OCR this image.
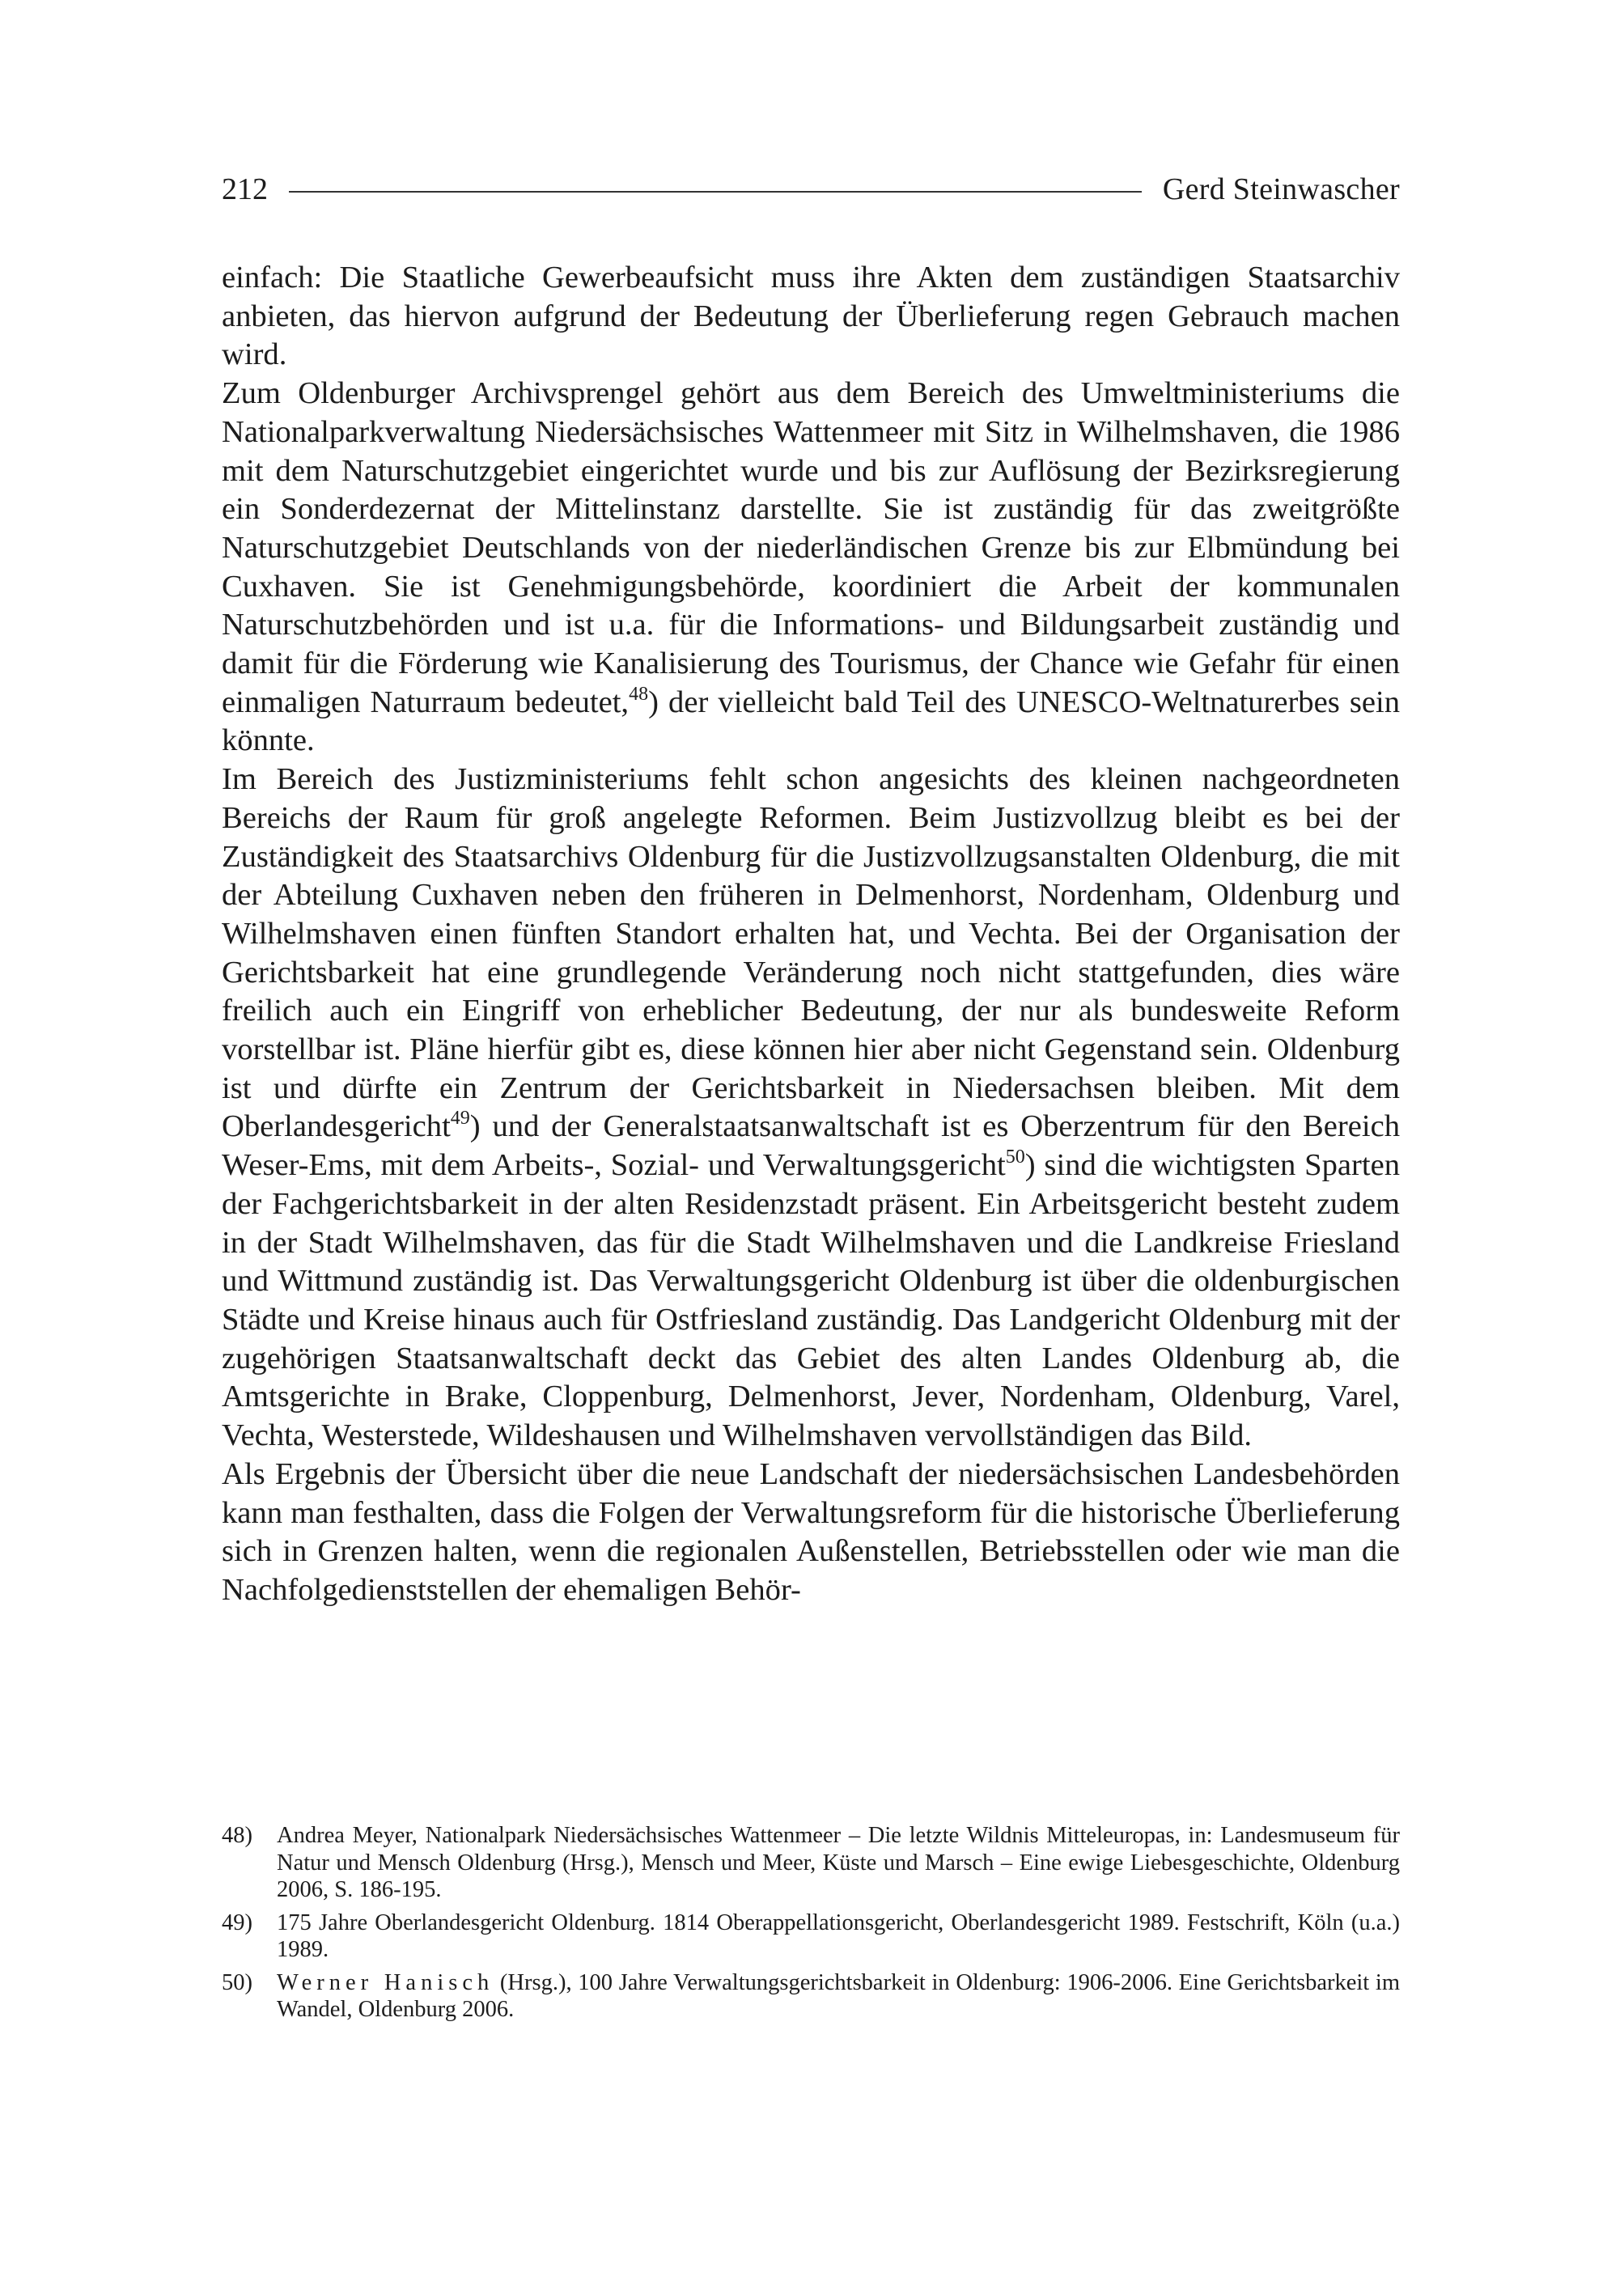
212	Gerd Steinwascher

einfach: Die Staatliche Gewerbeaufsicht muss ihre Akten dem zuständigen Staatsarchiv anbieten, das hiervon aufgrund der Bedeutung der Überlieferung regen Gebrauch machen wird.

Zum Oldenburger Archivsprengel gehört aus dem Bereich des Umweltministeriums die Nationalparkverwaltung Niedersächsisches Wattenmeer mit Sitz in Wilhelmshaven, die 1986 mit dem Naturschutzgebiet eingerichtet wurde und bis zur Auflösung der Bezirksregierung ein Sonderdezernat der Mittelinstanz darstellte. Sie ist zuständig für das zweitgrößte Naturschutzgebiet Deutschlands von der niederländischen Grenze bis zur Elbmündung bei Cuxhaven. Sie ist Genehmigungsbehörde, koordiniert die Arbeit der kommunalen Naturschutzbehörden und ist u.a. für die Informations- und Bildungsarbeit zuständig und damit für die Förderung wie Kanalisierung des Tourismus, der Chance wie Gefahr für einen einmaligen Naturraum bedeutet,$^{48}$) der vielleicht bald Teil des UNESCO-Weltnaturerbes sein könnte.

Im Bereich des Justizministeriums fehlt schon angesichts des kleinen nachgeordneten Bereichs der Raum für groß angelegte Reformen. Beim Justizvollzug bleibt es bei der Zuständigkeit des Staatsarchivs Oldenburg für die Justizvollzugsanstalten Oldenburg, die mit der Abteilung Cuxhaven neben den früheren in Delmenhorst, Nordenham, Oldenburg und Wilhelmshaven einen fünften Standort erhalten hat, und Vechta. Bei der Organisation der Gerichtsbarkeit hat eine grundlegende Veränderung noch nicht stattgefunden, dies wäre freilich auch ein Eingriff von erheblicher Bedeutung, der nur als bundesweite Reform vorstellbar ist. Pläne hierfür gibt es, diese können hier aber nicht Gegenstand sein. Oldenburg ist und dürfte ein Zentrum der Gerichtsbarkeit in Niedersachsen bleiben. Mit dem Oberlandesgericht$^{49}$) und der Generalstaatsanwaltschaft ist es Oberzentrum für den Bereich Weser-Ems, mit dem Arbeits-, Sozial- und Verwaltungsgericht$^{50}$) sind die wichtigsten Sparten der Fachgerichtsbarkeit in der alten Residenzstadt präsent. Ein Arbeitsgericht besteht zudem in der Stadt Wilhelmshaven, das für die Stadt Wilhelmshaven und die Landkreise Friesland und Wittmund zuständig ist. Das Verwaltungsgericht Oldenburg ist über die oldenburgischen Städte und Kreise hinaus auch für Ostfriesland zuständig. Das Landgericht Oldenburg mit der zugehörigen Staatsanwaltschaft deckt das Gebiet des alten Landes Oldenburg ab, die Amtsgerichte in Brake, Cloppenburg, Delmenhorst, Jever, Nordenham, Oldenburg, Varel, Vechta, Westerstede, Wildeshausen und Wilhelmshaven vervollständigen das Bild.

Als Ergebnis der Übersicht über die neue Landschaft der niedersächsischen Landesbehörden kann man festhalten, dass die Folgen der Verwaltungsreform für die historische Überlieferung sich in Grenzen halten, wenn die regionalen Außenstellen, Betriebsstellen oder wie man die Nachfolgedienststellen der ehemaligen Behör-

48) Andrea Meyer, Nationalpark Niedersächsisches Wattenmeer – Die letzte Wildnis Mitteleuropas, in: Landesmuseum für Natur und Mensch Oldenburg (Hrsg.), Mensch und Meer, Küste und Marsch – Eine ewige Liebesgeschichte, Oldenburg 2006, S. 186-195.
49) 175 Jahre Oberlandesgericht Oldenburg. 1814 Oberappellationsgericht, Oberlandesgericht 1989. Festschrift, Köln (u.a.) 1989.
50) Werner Hanisch (Hrsg.), 100 Jahre Verwaltungsgerichtsbarkeit in Oldenburg: 1906-2006. Eine Gerichtsbarkeit im Wandel, Oldenburg 2006.
